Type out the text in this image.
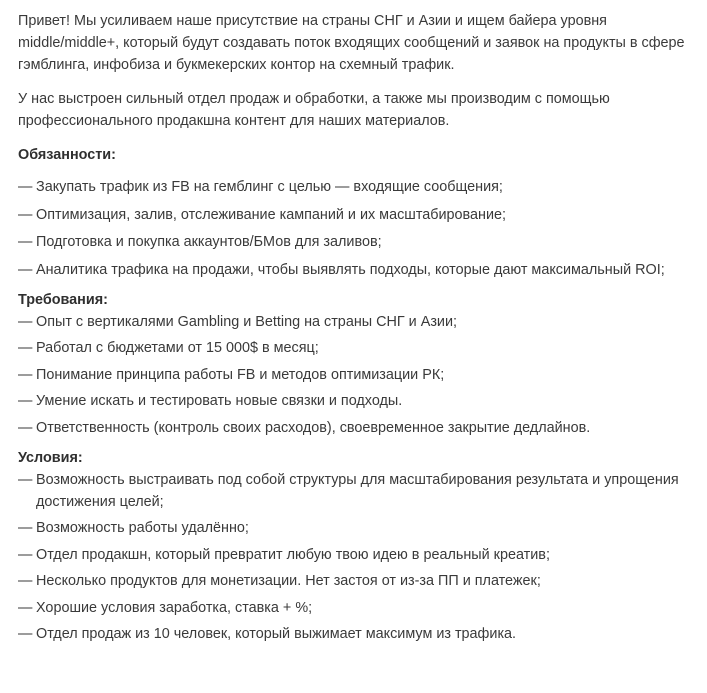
Привет! Мы усиливаем наше присутствие на страны СНГ и Азии и ищем байера уровня middle/middle+, который будут создавать поток входящих сообщений и заявок на продукты в сфере гэмблинга, инфобиза и букмекерских контор на схемный трафик.

У нас выстроен сильный отдел продаж и обработки, а также мы производим с помощью профессионального продакшна контент для наших материалов.

Обязанности:

— Закупать трафик из FB на гемблинг с целью — входящие сообщения;
— Оптимизация, залив, отслеживание кампаний и их масштабирование;
— Подготовка и покупка аккаунтов/БМов для заливов;
— Аналитика трафика на продажи, чтобы выявлять подходы, которые дают максимальный ROI;

Требования:

— Опыт с вертикалями Gambling и Betting на страны СНГ и Азии;
— Работал с бюджетами от 15 000$ в месяц;
— Понимание принципа работы FB и методов оптимизации РК;
— Умение искать и тестировать новые связки и подходы.
— Ответственность (контроль своих расходов), своевременное закрытие дедлайнов.

Условия:

— Возможность выстраивать под собой структуры для масштабирования результата и упрощения достижения целей;
— Возможность работы удалённо;
— Отдел продакшн, который превратит любую твою идею в реальный креатив;
— Несколько продуктов для монетизации. Нет застоя от из-за ПП и платежек;
— Хорошие условия заработка, ставка + %;
— Отдел продаж из 10 человек, который выжимает максимум из трафика.
